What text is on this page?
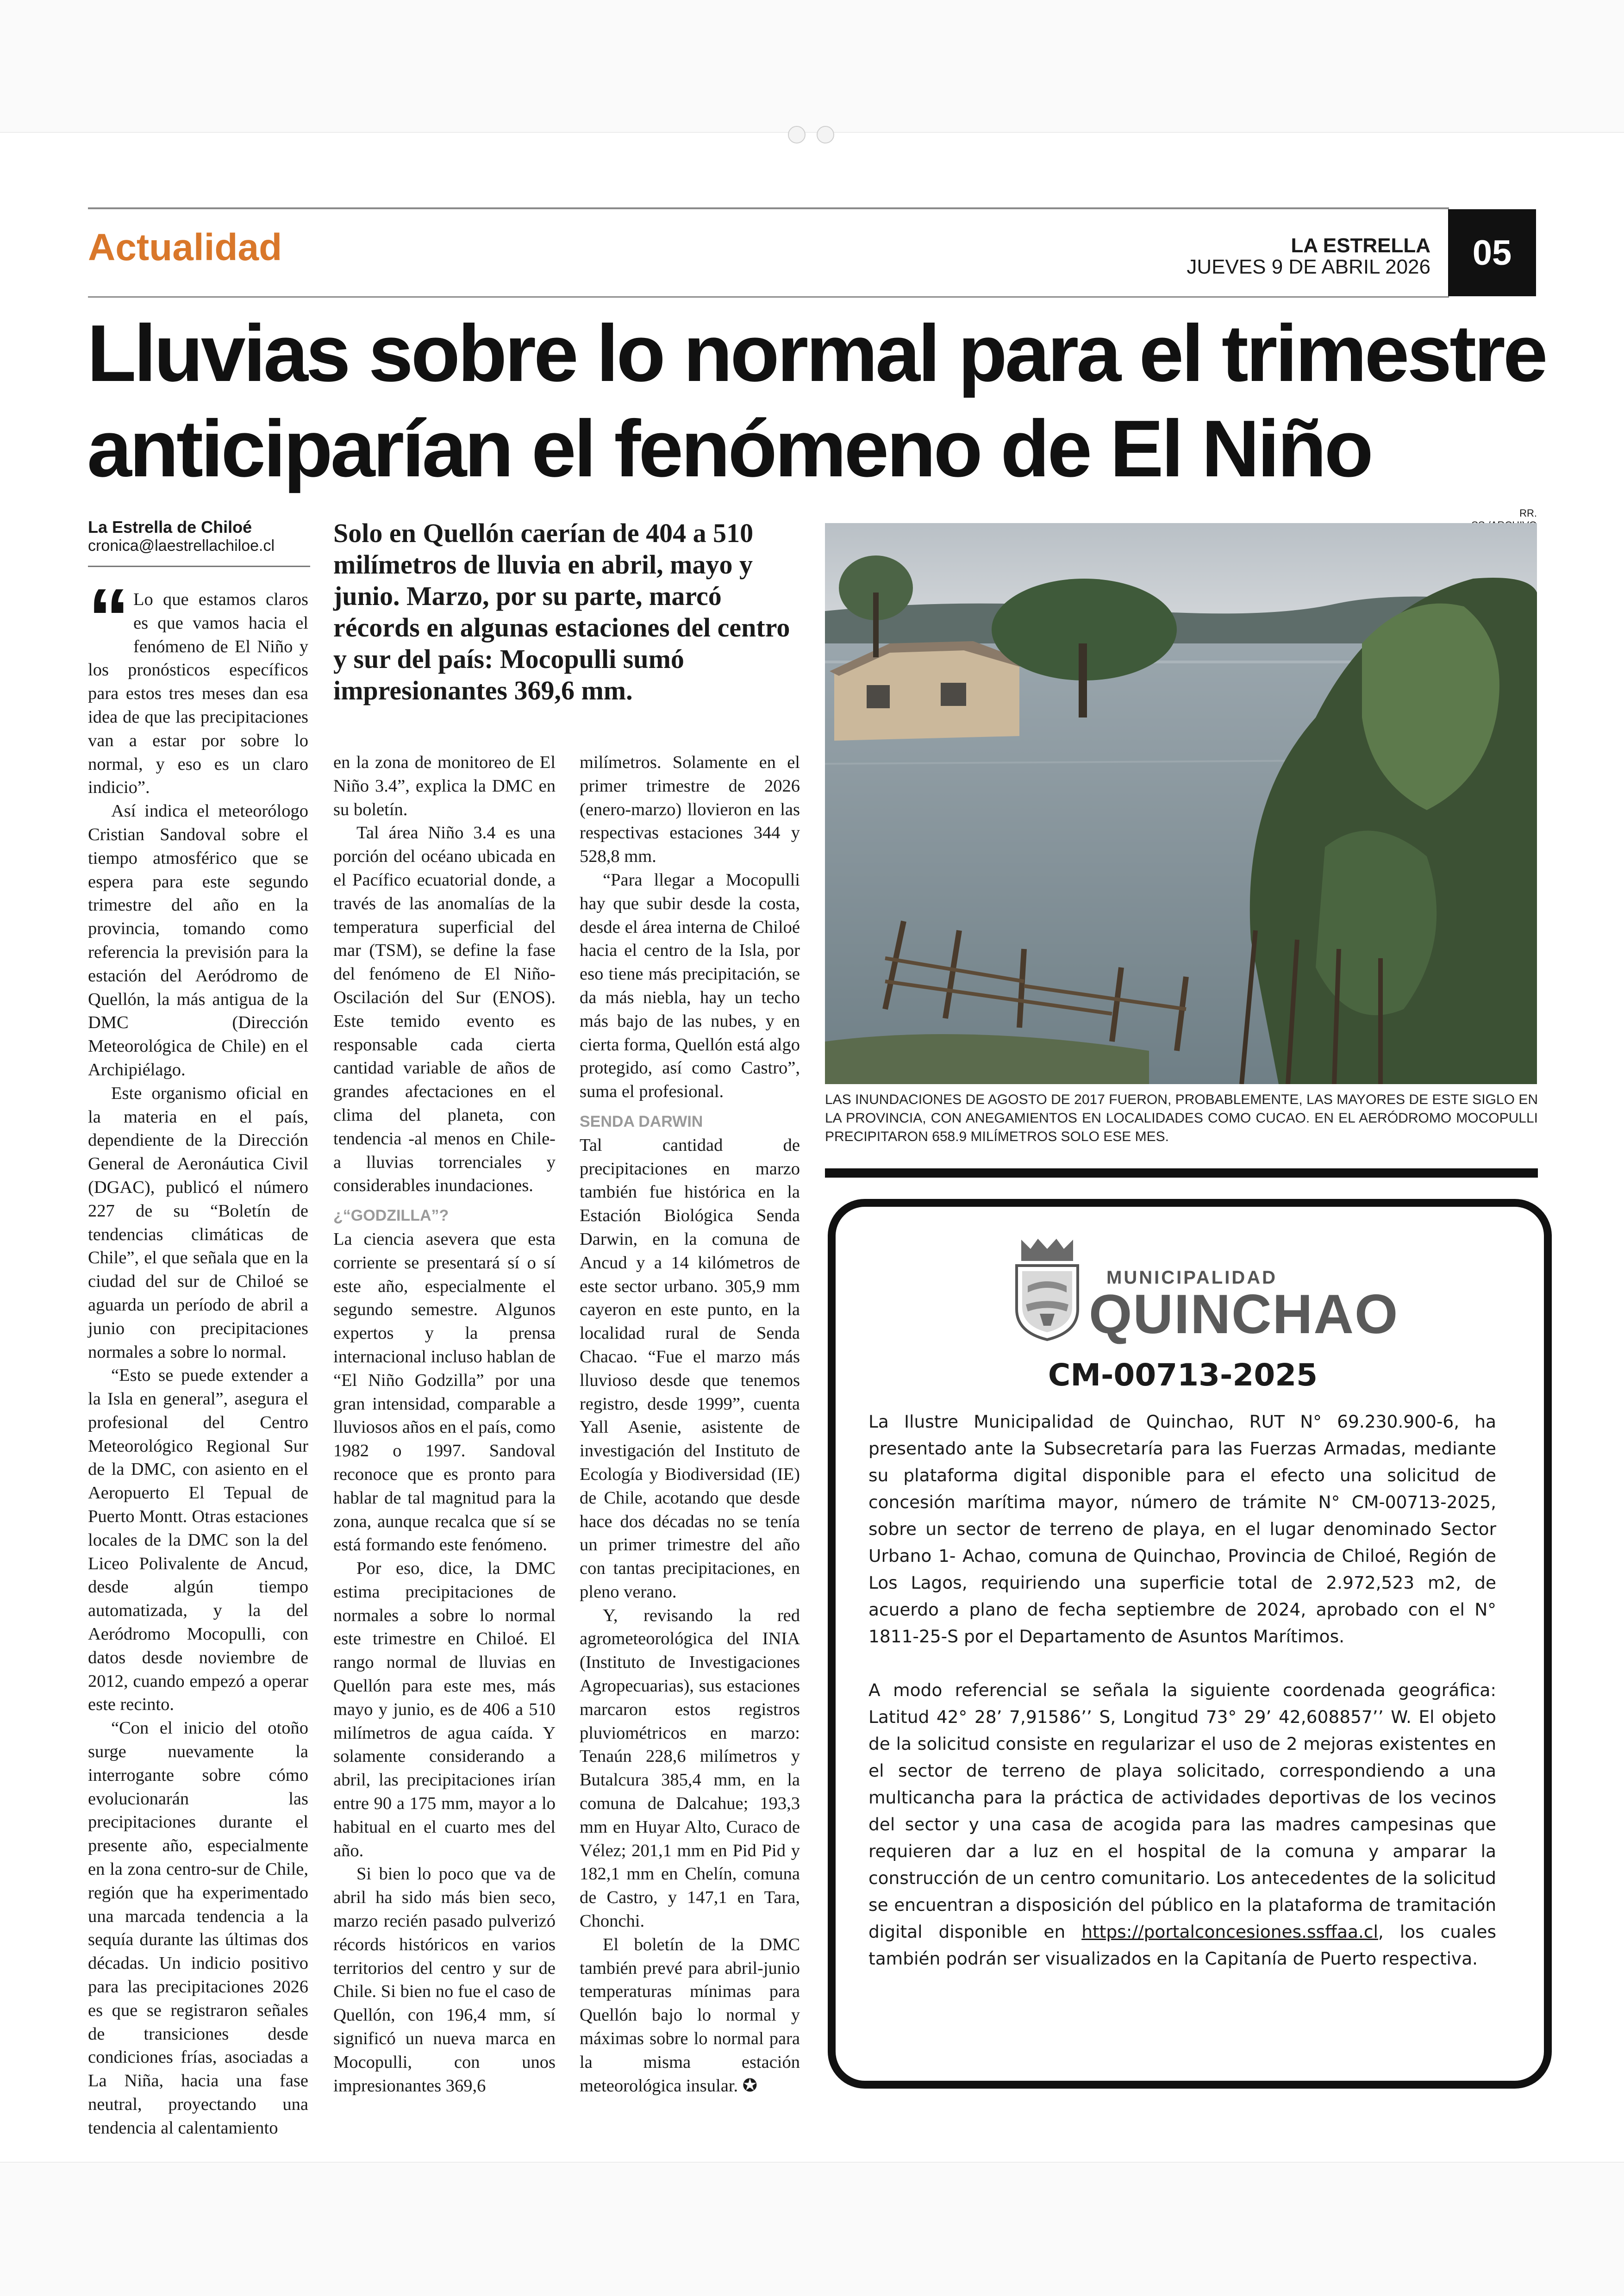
Actualidad	LA ESTRELLA
JUEVES 9 DE ABRIL 2026	05
Lluvias sobre lo normal para el trimestre
anticiparían el fenómeno de El Niño
La Estrella de Chiloé
cronica@laestrellachiloe.cl Solo en Quellón caerían de 404 a 510 milímetros de lluvia en abril, mayo y junio. Marzo, por su parte, marcó récords en algunas estaciones del centro y sur del país: Mocopulli sumó impresionantes 369,6 mm.

“ Lo que estamos claros es que vamos hacia el fenómeno de El Niño y los pronósticos específicos para estos tres meses dan esa idea de que las precipitaciones van a estar por sobre lo normal, y eso es un claro indicio”.

Así indica el meteorólogo Cristian Sandoval sobre el tiempo atmosférico que se espera para este segundo trimestre del año en la provincia, tomando como referencia la previsión para la estación del Aeródromo de Quellón, la más antigua de la DMC (Dirección Meteorológica de Chile) en el Archipiélago.

Este organismo oficial en la materia en el país, dependiente de la Dirección General de Aeronáutica Civil (DGAC), publicó el número 227 de su “Boletín de tendencias climáticas de Chile”, el que señala que en la ciudad del sur de Chiloé se aguarda un período de abril a junio con precipitaciones normales a sobre lo normal.

“Esto se puede extender a la Isla en general”, asegura el profesional del Centro Meteorológico Regional Sur de la DMC, con asiento en el Aeropuerto El Tepual de Puerto Montt. Otras estaciones locales de la DMC son la del Liceo Polivalente de Ancud, desde algún tiempo automatizada, y la del Aeródromo Mocopulli, con datos desde noviembre de 2012, cuando empezó a operar este recinto.

“Con el inicio del otoño surge nuevamente la interrogante sobre cómo evolucionarán las precipitaciones durante el presente año, especialmente en la zona centro-sur de Chile, región que ha experimentado una marcada tendencia a la sequía durante las últimas dos décadas. Un indicio positivo para las precipitaciones 2026 es que se registraron señales de transiciones desde condiciones frías, asociadas a La Niña, hacia una fase neutral, proyectando una tendencia al calentamiento

en la zona de monitoreo de El Niño 3.4”, explica la DMC en su boletín.

Tal área Niño 3.4 es una porción del océano ubicada en el Pacífico ecuatorial donde, a través de las anomalías de la temperatura superficial del mar (TSM), se define la fase del fenómeno de El Niño-Oscilación del Sur (ENOS). Este temido evento es responsable cada cierta cantidad variable de años de grandes afectaciones en el clima del planeta, con tendencia -al menos en Chile- a lluvias torrenciales y considerables inundaciones.

¿“GODZILLA”?

La ciencia asevera que esta corriente se presentará sí o sí este año, especialmente el segundo semestre. Algunos expertos y la prensa internacional incluso hablan de “El Niño Godzilla” por una gran intensidad, comparable a lluviosos años en el país, como 1982 o 1997. Sandoval reconoce que es pronto para hablar de tal magnitud para la zona, aunque recalca que sí se está formando este fenómeno.

Por eso, dice, la DMC estima precipitaciones de normales a sobre lo normal este trimestre en Chiloé. El rango normal de lluvias en Quellón para este mes, más mayo y junio, es de 406 a 510 milímetros de agua caída. Y solamente considerando a abril, las precipitaciones irían entre 90 a 175 mm, mayor a lo habitual en el cuarto mes del año.

Si bien lo poco que va de abril ha sido más bien seco, marzo recién pasado pulverizó récords históricos en varios territorios del centro y sur de Chile. Si bien no fue el caso de Quellón, con 196,4 mm, sí significó un nueva marca en Mocopulli, con unos impresionantes 369,6

milímetros. Solamente en el primer trimestre de 2026 (enero-marzo) llovieron en las respectivas estaciones 344 y 528,8 mm.

“Para llegar a Mocopulli hay que subir desde la costa, desde el área interna de Chiloé hacia el centro de la Isla, por eso tiene más precipitación, se da más niebla, hay un techo más bajo de las nubes, y en cierta forma, Quellón está algo protegido, así como Castro”, suma el profesional.

SENDA DARWIN

Tal cantidad de precipitaciones en marzo también fue histórica en la Estación Biológica Senda Darwin, en la comuna de Ancud y a 14 kilómetros de este sector urbano. 305,9 mm cayeron en este punto, en la localidad rural de Senda Chacao. “Fue el marzo más lluvioso desde que tenemos registro, desde 1999”, cuenta Yall Asenie, asistente de investigación del Instituto de Ecología y Biodiversidad (IE) de Chile, acotando que desde hace dos décadas no se tenía un primer trimestre del año con tantas precipitaciones, en pleno verano.

Y, revisando la red agrometeorológica del INIA (Instituto de Investigaciones Agropecuarias), sus estaciones marcaron estos registros pluviométricos en marzo: Tenaún 228,6 milímetros y Butalcura 385,4 mm, en la comuna de Dalcahue; 193,3 mm en Huyar Alto, Curaco de Vélez; 201,1 mm en Pid Pid y 182,1 mm en Chelín, comuna de Castro, y 147,1 en Tara, Chonchi.

El boletín de la DMC también prevé para abril-junio temperaturas mínimas para Quellón bajo lo normal y máximas sobre lo normal para la misma estación meteorológica insular. ✪

RR.
LAS INUNDACIONES DE AGOSTO DE 2017 FUERON, PROBABLEMENTE, LAS MAYORES DE ESTE SIGLO EN LA PROVINCIA, CON ANEGAMIENTOS EN LOCALIDADES COMO CUCAO. EN EL AERÓDROMO MOCOPULLI PRECIPITARON 658.9 MILÍMETROS SOLO ESE MES.
MUNICIPALIDAD
QUINCHAO
CM-00713-2025

La Ilustre Municipalidad de Quinchao, RUT N° 69.230.900-6, ha presentado ante la Subsecretaría para las Fuerzas Armadas, mediante su plataforma digital disponible para el efecto una solicitud de concesión marítima mayor, número de trámite N° CM-00713-2025, sobre un sector de terreno de playa, en el lugar denominado Sector Urbano 1- Achao, comuna de Quinchao, Provincia de Chiloé, Región de Los Lagos, requiriendo una superficie total de 2.972,523 m2, de acuerdo a plano de fecha septiembre de 2024, aprobado con el N° 1811-25-S por el Departamento de Asuntos Marítimos.

A modo referencial se señala la siguiente coordenada geográfica: Latitud 42° 28’ 7,91586’’ S, Longitud 73° 29’ 42,608857’’ W. El objeto de la solicitud consiste en regularizar el uso de 2 mejoras existentes en el sector de terreno de playa solicitado, correspondiendo a una multicancha para la práctica de actividades deportivas de los vecinos del sector y una casa de acogida para las madres campesinas que requieren dar a luz en el hospital de la comuna y amparar la construcción de un centro comunitario. Los antecedentes de la solicitud se encuentran a disposición del público en la plataforma de tramitación digital disponible en https://portalconcesiones.ssffaa.cl, los cuales también podrán ser visualizados en la Capitanía de Puerto respectiva.
